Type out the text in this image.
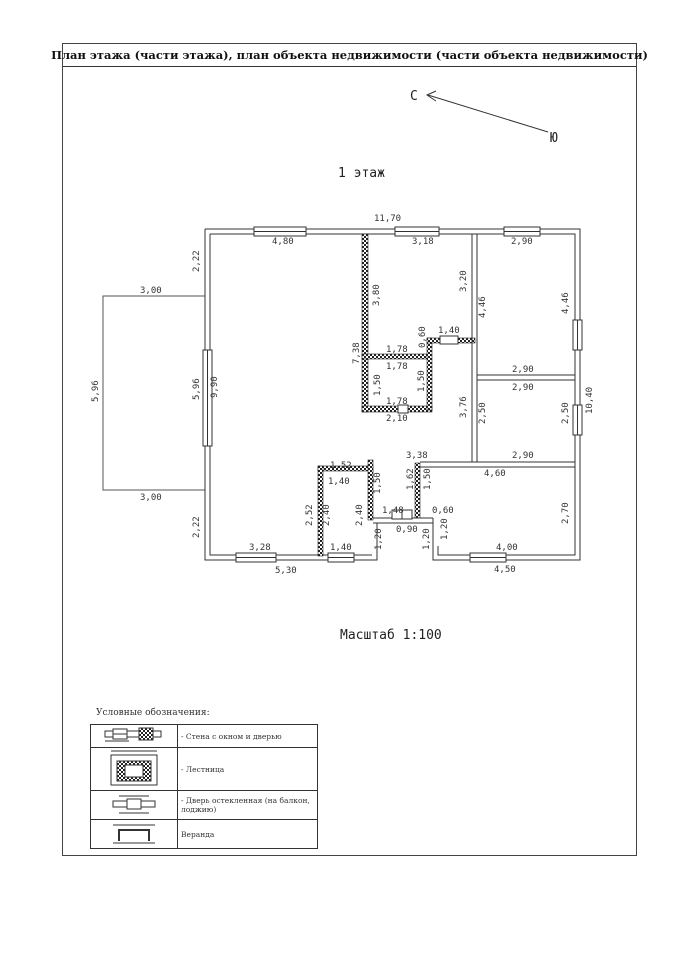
С
Ю
1 этаж
11,70
4,80	3,18	2,90
2,22
2,22
9,90
5,96
3,00
3,00
5,96
3,80
7,38
3,20
1,40
0,60
1,78
1,78
1,78
1,50	1,50
2,10
4,46	4,46
2,90
2,90
2,50	2,50 10,40
2,90
3,76
3,38
4,60
2,70
4,00
4,50
1,52
1,40
2,52 2,40	2,40
1,40
1,50	1,62 1,50
1,48	0,60
0,90
1,20	1,20 1,20
3,28
5,30
Масштаб 1:100
План этажа (части этажа), план объекта недвижимости (части объекта недвижимости)
Условные обозначения:
	- Стена с окном и дверью

	- Лестница

	- Дверь остекленная (на балкон, лоджию)

	Веранда
